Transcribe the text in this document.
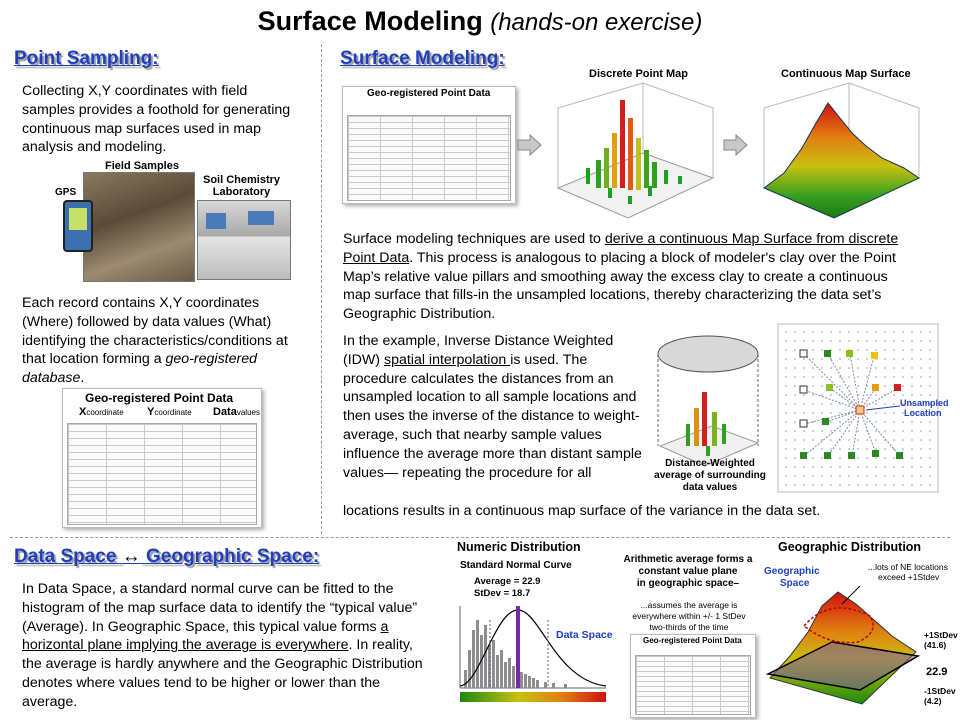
Surface Modeling (hands-on exercise)
Point Sampling:
Collecting X,Y coordinates with field samples provides a foothold for generating continuous map surfaces used in map analysis and modeling.
Field Samples
GPS
Soil Chemistry
Laboratory
Each record contains X,Y coordinates (Where) followed by data values (What) identifying the characteristics/conditions at that location forming a geo-registered database.
Geo-registered Point Data
Xcoordinate Ycoordinate Datavalues
Surface Modeling:
Discrete Point Map	Continuous Map Surface
Geo-registered Point Data
Surface modeling techniques are used to derive a continuous Map Surface from discrete Point Data. This process is analogous to placing a block of modeler's clay over the Point Map’s relative value pillars and smoothing away the excess clay to create a continuous map surface that fills-in the unsampled locations, thereby characterizing the data set’s Geographic Distribution.
In the example, Inverse Distance Weighted (IDW) spatial interpolation is used. The procedure calculates the distances from an unsampled location to all sample locations and then uses the inverse of the distance to weight-average, such that nearby sample values influence the average more than distant sample values— repeating the procedure for all
locations results in a continuous map surface of the variance in the data set.
Distance-Weighted
average of surrounding
data values
Unsampled
Location
Data Space ↔ Geographic Space:
In Data Space, a standard normal curve can be fitted to the histogram of the map surface data to identify the “typical value” (Average). In Geographic Space, this typical value forms a horizontal plane implying the average is everywhere. In reality, the average is hardly anywhere and the Geographic Distribution denotes where values tend to be higher or lower than the average.
Numeric Distribution
Standard Normal Curve
Average = 22.9
StDev = 18.7
Data Space
Arithmetic average forms a
constant value plane
in geographic space–
...assumes the average is
everywhere within +/- 1 StDev
two-thirds of the time
Geo-registered Point Data
Geographic Distribution
Geographic
Space
...lots of NE locations
exceed +1Stdev
+1StDev
(41.6)
22.9
-1StDev
(4.2)
